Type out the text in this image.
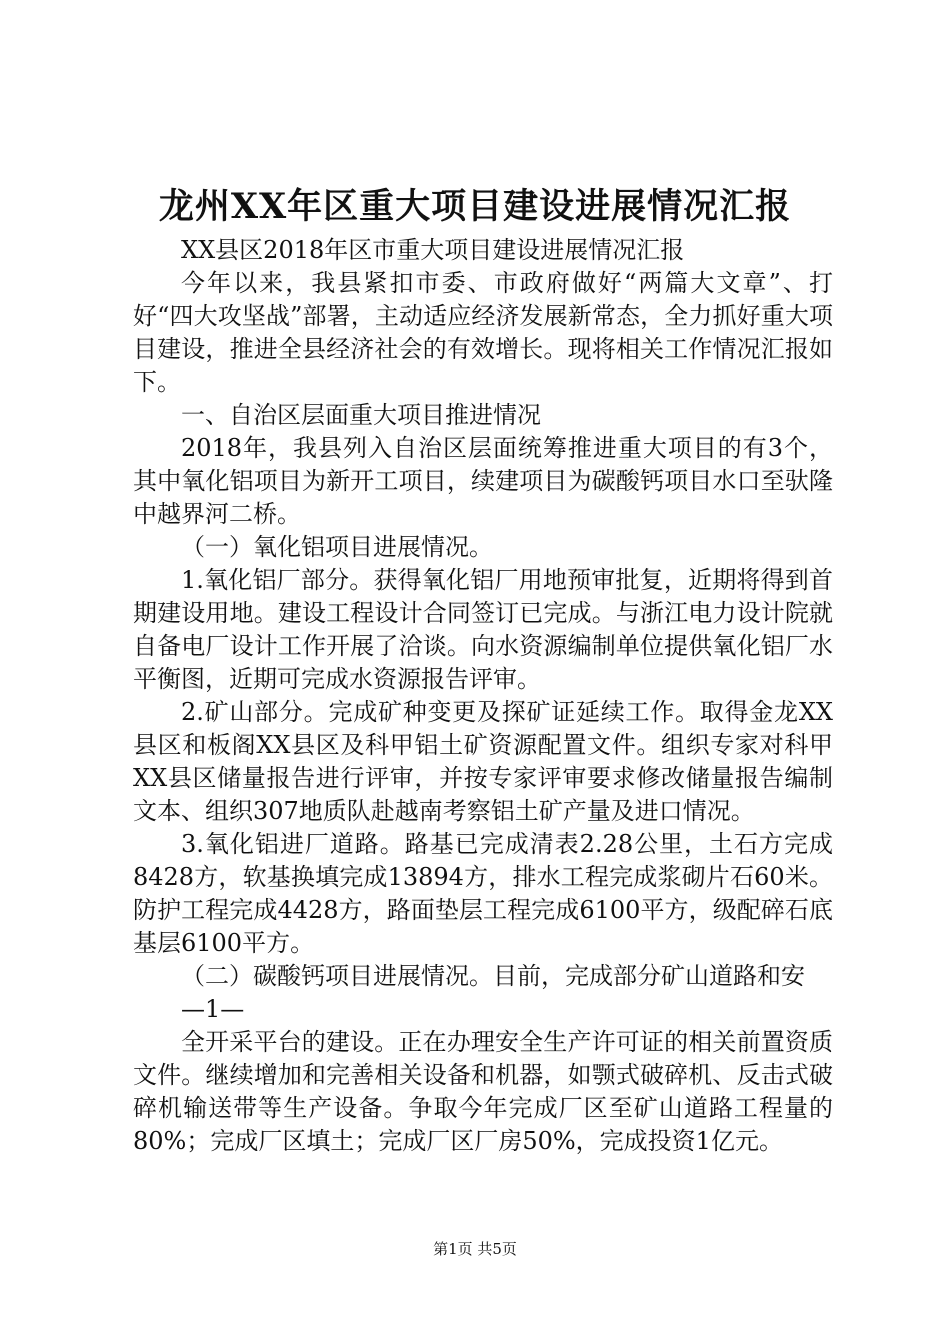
龙州XX年区重大项目建设进展情况汇报

XX县区2018年区市重大项目建设进展情况汇报

今年以来，我县紧扣市委、市政府做好“两篇大文章”、打好“四大攻坚战”部署，主动适应经济发展新常态，全力抓好重大项目建设，推进全县经济社会的有效增长。现将相关工作情况汇报如下。

一、自治区层面重大项目推进情况

2018年，我县列入自治区层面统筹推进重大项目的有3个，其中氧化铝项目为新开工项目，续建项目为碳酸钙项目水口至驮隆中越界河二桥。

（一）氧化铝项目进展情况。

1.氧化铝厂部分。获得氧化铝厂用地预审批复，近期将得到首期建设用地。建设工程设计合同签订已完成。与浙江电力设计院就自备电厂设计工作开展了洽谈。向水资源编制单位提供氧化铝厂水平衡图，近期可完成水资源报告评审。

2.矿山部分。完成矿种变更及探矿证延续工作。取得金龙XX县区和板阁XX县区及科甲铝土矿资源配置文件。组织专家对科甲XX县区储量报告进行评审，并按专家评审要求修改储量报告编制文本、组织307地质队赴越南考察铝土矿产量及进口情况。

3.氧化铝进厂道路。路基已完成清表2.28公里，土石方完成8428方，软基换填完成13894方，排水工程完成浆砌片石60米。防护工程完成4428方，路面垫层工程完成6100平方，级配碎石底基层6100平方。

（二）碳酸钙项目进展情况。目前，完成部分矿山道路和安

—1—

全开采平台的建设。正在办理安全生产许可证的相关前置资质文件。继续增加和完善相关设备和机器，如颚式破碎机、反击式破碎机输送带等生产设备。争取今年完成厂区至矿山道路工程量的80%；完成厂区填土；完成厂区厂房50%，完成投资1亿元。

第1页 共5页
